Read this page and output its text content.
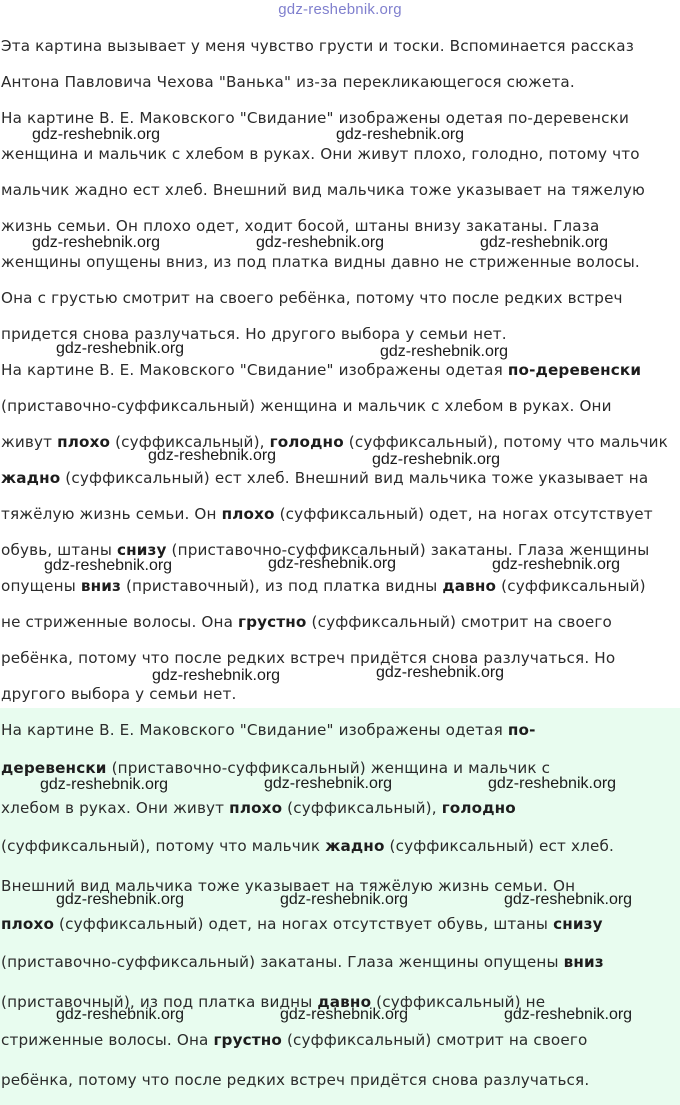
gdz-reshebnik.org

Эта картина вызывает у меня чувство грусти и тоски. Вспоминается рассказ

Антона Павловича Чехова "Ванька" из-за перекликающегося сюжета.

На картине В. Е. Маковского "Свидание" изображены одетая по-деревенски

женщина и мальчик с хлебом в руках. Они живут плохо, голодно, потому что

мальчик жадно ест хлеб. Внешний вид мальчика тоже указывает на тяжелую

жизнь семьи. Он плохо одет, ходит босой, штаны внизу закатаны. Глаза

женщины опущены вниз, из под платка видны давно не стриженные волосы.

Она с грустью смотрит на своего ребёнка, потому что после редких встреч

придется снова разлучаться. Но другого выбора у семьи нет.

На картине В. Е. Маковского "Свидание" изображены одетая по-деревенски

(приставочно-суффиксальный) женщина и мальчик с хлебом в руках. Они

живут плохо (суффиксальный), голодно (суффиксальный), потому что мальчик

жадно (суффиксальный) ест хлеб. Внешний вид мальчика тоже указывает на

тяжёлую жизнь семьи. Он плохо (суффиксальный) одет, на ногах отсутствует

обувь, штаны снизу (приставочно-суффиксальный) закатаны. Глаза женщины

опущены вниз (приставочный), из под платка видны давно (суффиксальный)

не стриженные волосы. Она грустно (суффиксальный) смотрит на своего

ребёнка, потому что после редких встреч придётся снова разлучаться. Но

другого выбора у семьи нет.

На картине В. Е. Маковского "Свидание" изображены одетая по-

деревенски (приставочно-суффиксальный) женщина и мальчик с

хлебом в руках. Они живут плохо (суффиксальный), голодно

(суффиксальный), потому что мальчик жадно (суффиксальный) ест хлеб.

Внешний вид мальчика тоже указывает на тяжёлую жизнь семьи. Он

плохо (суффиксальный) одет, на ногах отсутствует обувь, штаны снизу

(приставочно-суффиксальный) закатаны. Глаза женщины опущены вниз

(приставочный), из под платка видны давно (суффиксальный) не

стриженные волосы. Она грустно (суффиксальный) смотрит на своего

ребёнка, потому что после редких встреч придётся снова разлучаться.

gdz-reshebnik.org	gdz-reshebnik.org
gdz-reshebnik.org	gdz-reshebnik.org	gdz-reshebnik.org
gdz-reshebnik.org	gdz-reshebnik.org
gdz-reshebnik.org	gdz-reshebnik.org
gdz-reshebnik.org	gdz-reshebnik.org	gdz-reshebnik.org
gdz-reshebnik.org	gdz-reshebnik.org
gdz-reshebnik.org	gdz-reshebnik.org	gdz-reshebnik.org
gdz-reshebnik.org	gdz-reshebnik.org	gdz-reshebnik.org
gdz-reshebnik.org	gdz-reshebnik.org	gdz-reshebnik.org
